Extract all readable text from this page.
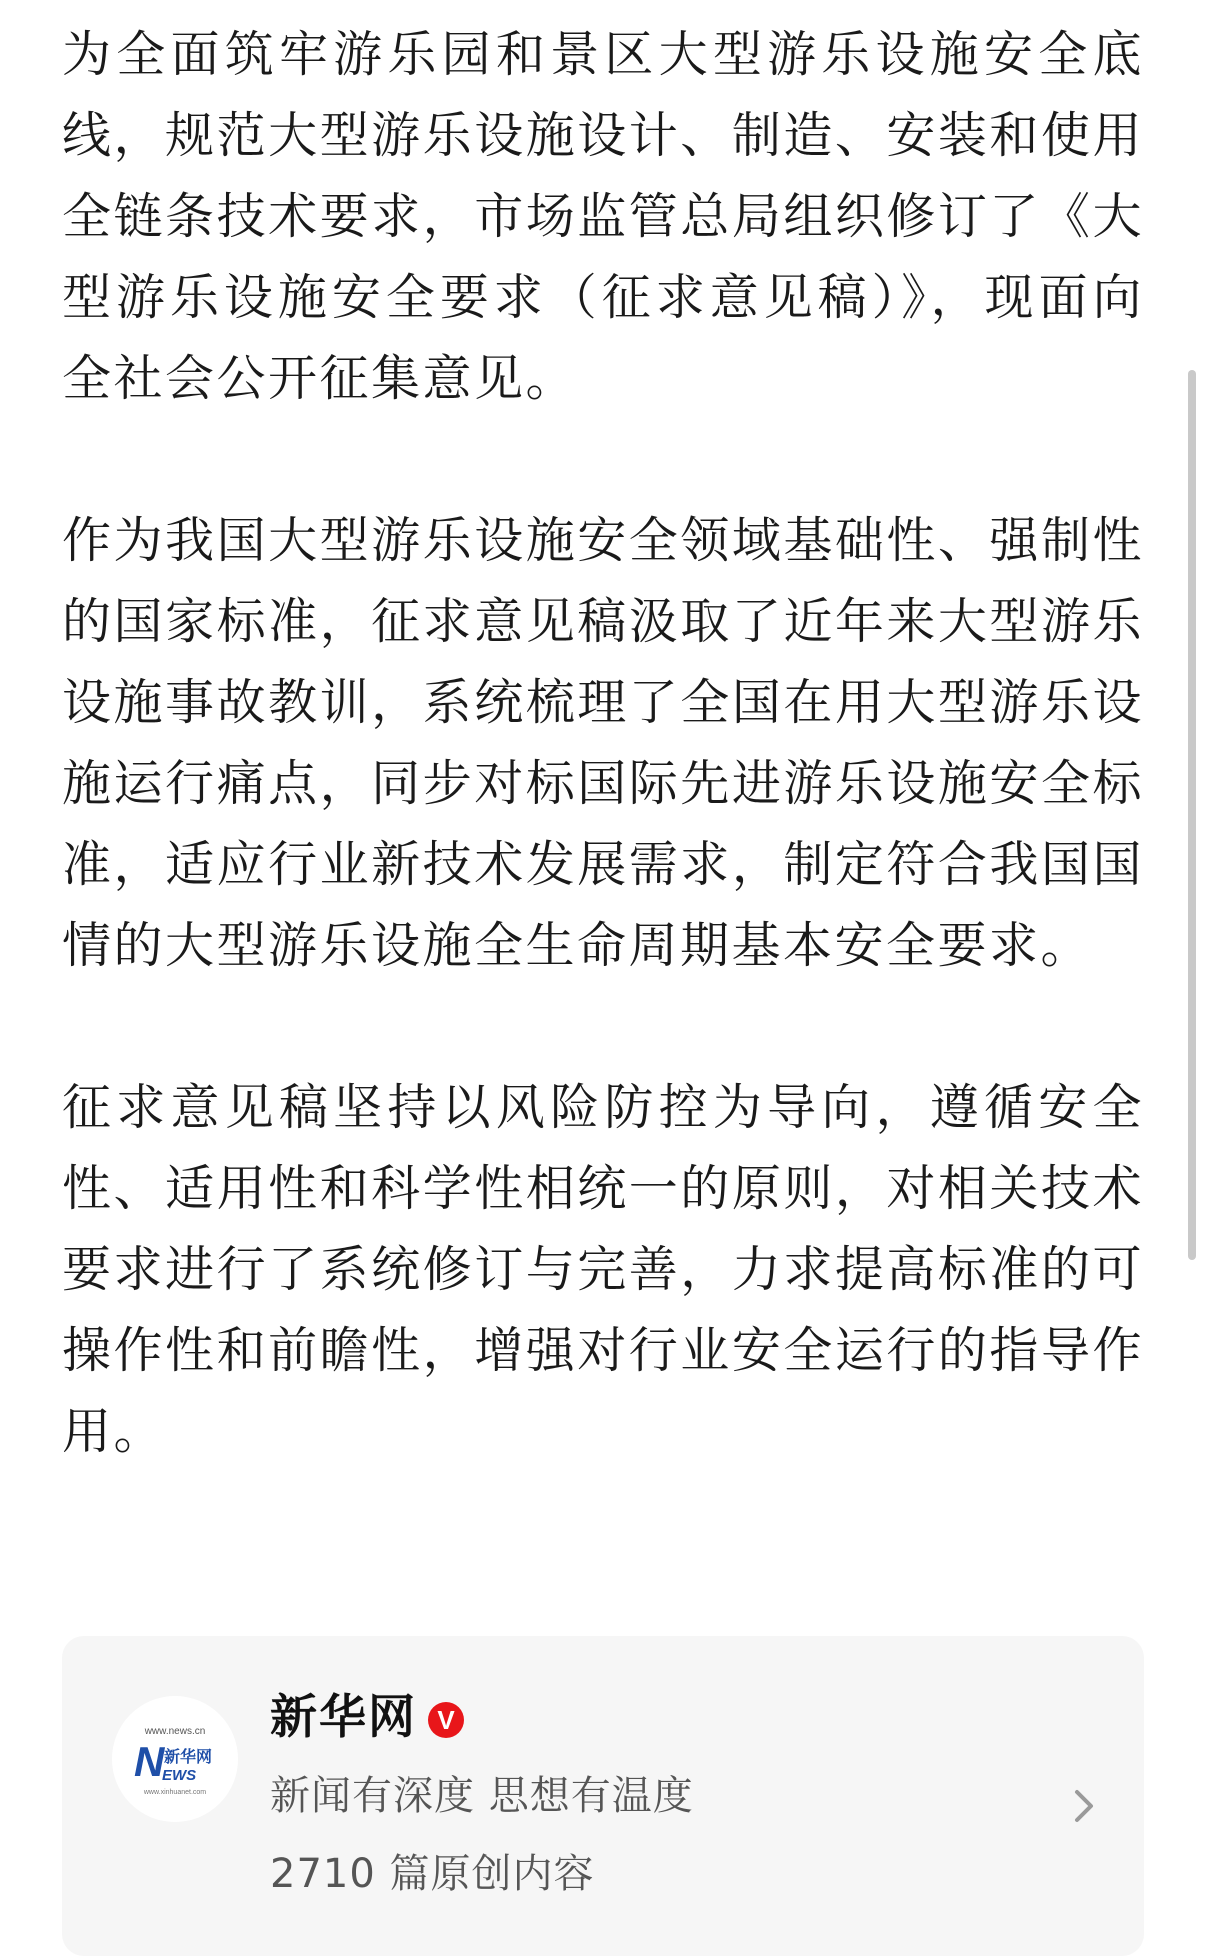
为全面筑牢游乐园和景区大型游乐设施安全底线，规范大型游乐设施设计、制造、安装和使用全链条技术要求，市场监管总局组织修订了《大型游乐设施安全要求（征求意见稿）》，现面向全社会公开征集意见。

作为我国大型游乐设施安全领域基础性、强制性的国家标准，征求意见稿汲取了近年来大型游乐设施事故教训，系统梳理了全国在用大型游乐设施运行痛点，同步对标国际先进游乐设施安全标准，适应行业新技术发展需求，制定符合我国国情的大型游乐设施全生命周期基本安全要求。

征求意见稿坚持以风险防控为导向，遵循安全性、适用性和科学性相统一的原则，对相关技术要求进行了系统修订与完善，力求提高标准的可操作性和前瞻性，增强对行业安全运行的指导作用。

www.news.cn
N 新华网
EWS
www.xinhuanet.com
新华网 V
新闻有深度 思想有温度
2710 篇原创内容
